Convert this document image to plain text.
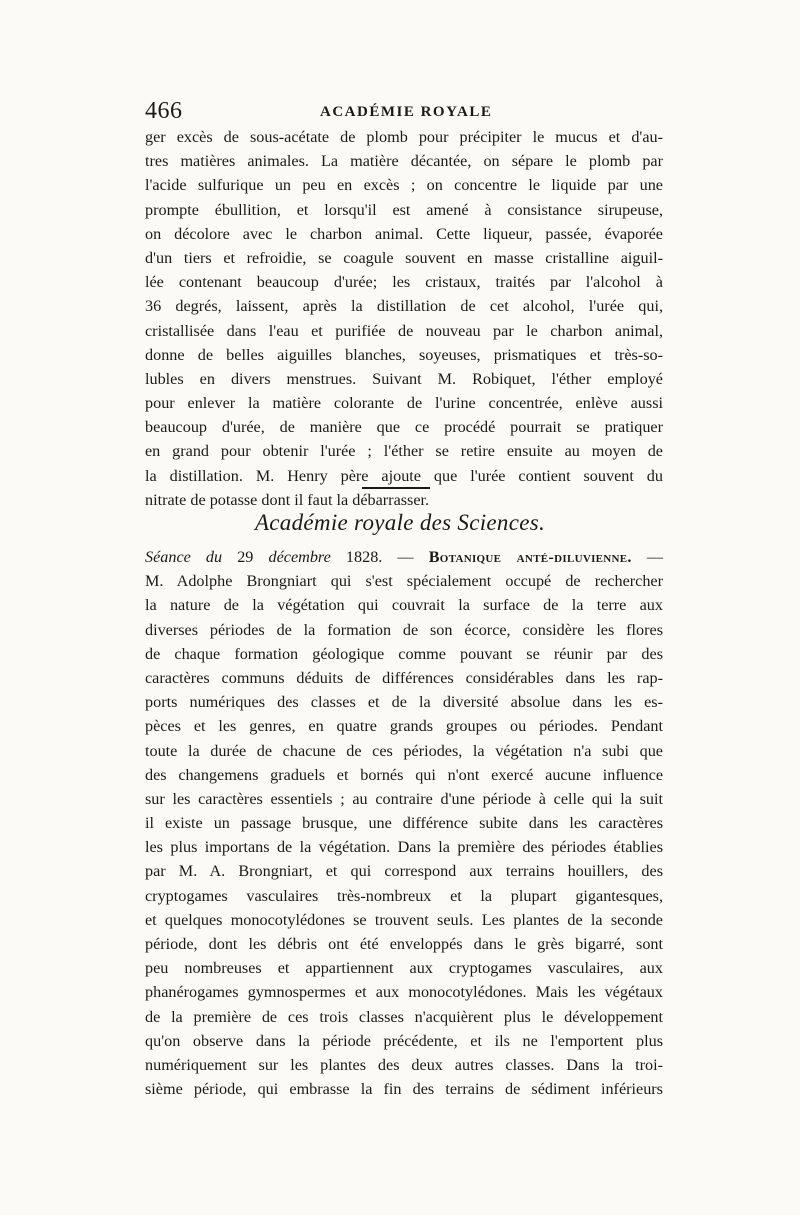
466	ACADÉMIE ROYALE
ger excès de sous-acétate de plomb pour précipiter le mucus et d'au-
tres matières animales. La matière décantée, on sépare le plomb par
l'acide sulfurique un peu en excès ; on concentre le liquide par une
prompte ébullition, et lorsqu'il est amené à consistance sirupeuse,
on décolore avec le charbon animal. Cette liqueur, passée, évaporée
d'un tiers et refroidie, se coagule souvent en masse cristalline aiguil-
lée contenant beaucoup d'urée; les cristaux, traités par l'alcohol à
36 degrés, laissent, après la distillation de cet alcohol, l'urée qui,
cristallisée dans l'eau et purifiée de nouveau par le charbon animal,
donne de belles aiguilles blanches, soyeuses, prismatiques et très-so-
lubles en divers menstrues. Suivant M. Robiquet, l'éther employé
pour enlever la matière colorante de l'urine concentrée, enlève aussi
beaucoup d'urée, de manière que ce procédé pourrait se pratiquer
en grand pour obtenir l'urée ; l'éther se retire ensuite au moyen de
la distillation. M. Henry père ajoute que l'urée contient souvent du
nitrate de potasse dont il faut la débarrasser.
Académie royale des Sciences.
Séance du 29 décembre 1828. — Botanique anté-diluvienne. —
M. Adolphe Brongniart qui s'est spécialement occupé de rechercher
la nature de la végétation qui couvrait la surface de la terre aux
diverses périodes de la formation de son écorce, considère les flores
de chaque formation géologique comme pouvant se réunir par des
caractères communs déduits de différences considérables dans les rap-
ports numériques des classes et de la diversité absolue dans les es-
pèces et les genres, en quatre grands groupes ou périodes. Pendant
toute la durée de chacune de ces périodes, la végétation n'a subi que
des changemens graduels et bornés qui n'ont exercé aucune influence
sur les caractères essentiels ; au contraire d'une période à celle qui la suit
il existe un passage brusque, une différence subite dans les caractères
les plus importans de la végétation. Dans la première des périodes établies
par M. A. Brongniart, et qui correspond aux terrains houillers, des
cryptogames vasculaires très-nombreux et la plupart gigantesques,
et quelques monocotylédones se trouvent seuls. Les plantes de la seconde
période, dont les débris ont été enveloppés dans le grès bigarré, sont
peu nombreuses et appartiennent aux cryptogames vasculaires, aux
phanérogames gymnospermes et aux monocotylédones. Mais les végétaux
de la première de ces trois classes n'acquièrent plus le développement
qu'on observe dans la période précédente, et ils ne l'emportent plus
numériquement sur les plantes des deux autres classes. Dans la troi-
sième période, qui embrasse la fin des terrains de sédiment inférieurs
